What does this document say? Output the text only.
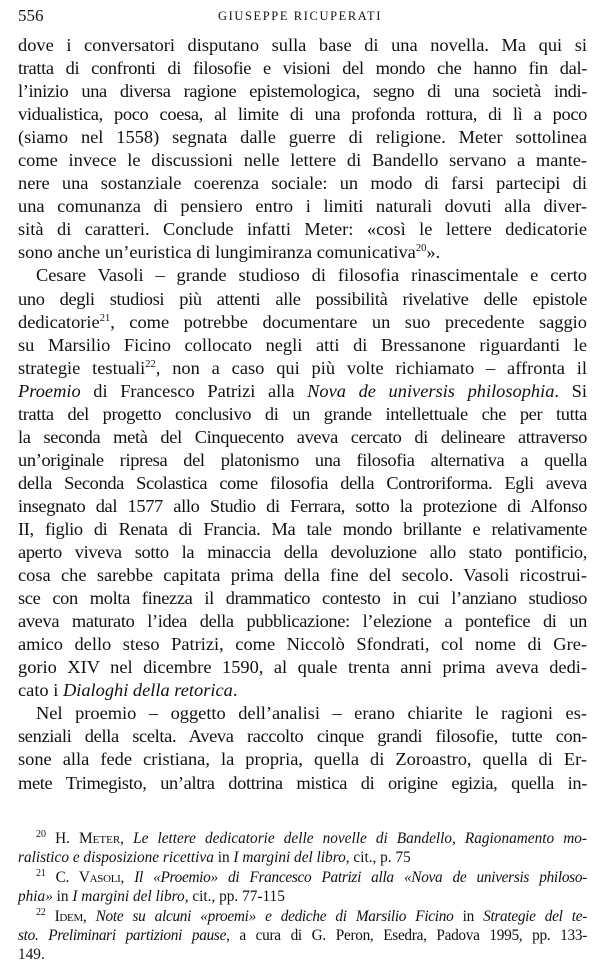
556	GIUSEPPE RICUPERATI
dove i conversatori disputano sulla base di una novella. Ma qui si
tratta di confronti di filosofie e visioni del mondo che hanno fin dal-
l’inizio una diversa ragione epistemologica, segno di una società indi-
vidualistica, poco coesa, al limite di una profonda rottura, di lì a poco
(siamo nel 1558) segnata dalle guerre di religione. Meter sottolinea
come invece le discussioni nelle lettere di Bandello servano a mante-
nere una sostanziale coerenza sociale: un modo di farsi partecipi di
una comunanza di pensiero entro i limiti naturali dovuti alla diver-
sità di caratteri. Conclude infatti Meter: «così le lettere dedicatorie
sono anche un’euristica di lungimiranza comunicativa$^{20}$».
Cesare Vasoli – grande studioso di filosofia rinascimentale e certo
uno degli studiosi più attenti alle possibilità rivelative delle epistole
dedicatorie$^{21}$, come potrebbe documentare un suo precedente saggio
su Marsilio Ficino collocato negli atti di Bressanone riguardanti le
strategie testuali$^{22}$, non a caso qui più volte richiamato – affronta il
Proemio di Francesco Patrizi alla Nova de universis philosophia. Si
tratta del progetto conclusivo di un grande intellettuale che per tutta
la seconda metà del Cinquecento aveva cercato di delineare attraverso
un’originale ripresa del platonismo una filosofia alternativa a quella
della Seconda Scolastica come filosofia della Controriforma. Egli aveva
insegnato dal 1577 allo Studio di Ferrara, sotto la protezione di Alfonso
II, figlio di Renata di Francia. Ma tale mondo brillante e relativamente
aperto viveva sotto la minaccia della devoluzione allo stato pontificio,
cosa che sarebbe capitata prima della fine del secolo. Vasoli ricostrui-
sce con molta finezza il drammatico contesto in cui l’anziano studioso
aveva maturato l’idea della pubblicazione: l’elezione a pontefice di un
amico dello steso Patrizi, come Niccolò Sfondrati, col nome di Gre-
gorio XIV nel dicembre 1590, al quale trenta anni prima aveva dedi-
cato i Dialoghi della retorica.
Nel proemio – oggetto dell’analisi – erano chiarite le ragioni es-
senziali della scelta. Aveva raccolto cinque grandi filosofie, tutte con-
sone alla fede cristiana, la propria, quella di Zoroastro, quella di Er-
mete Trimegisto, un’altra dottrina mistica di origine egizia, quella in-
$^{20}$ H. Meter, Le lettere dedicatorie delle novelle di Bandello, Ragionamento mo-
ralistico e disposizione ricettiva in I margini del libro, cit., p. 75
$^{21}$ C. Vasoli, Il «Proemio» di Francesco Patrizi alla «Nova de universis philoso-
phia» in I margini del libro, cit., pp. 77-115
$^{22}$ Idem, Note su alcuni «proemi» e dediche di Marsilio Ficino in Strategie del te-
sto. Preliminari partizioni pause, a cura di G. Peron, Esedra, Padova 1995, pp. 133-
149.
